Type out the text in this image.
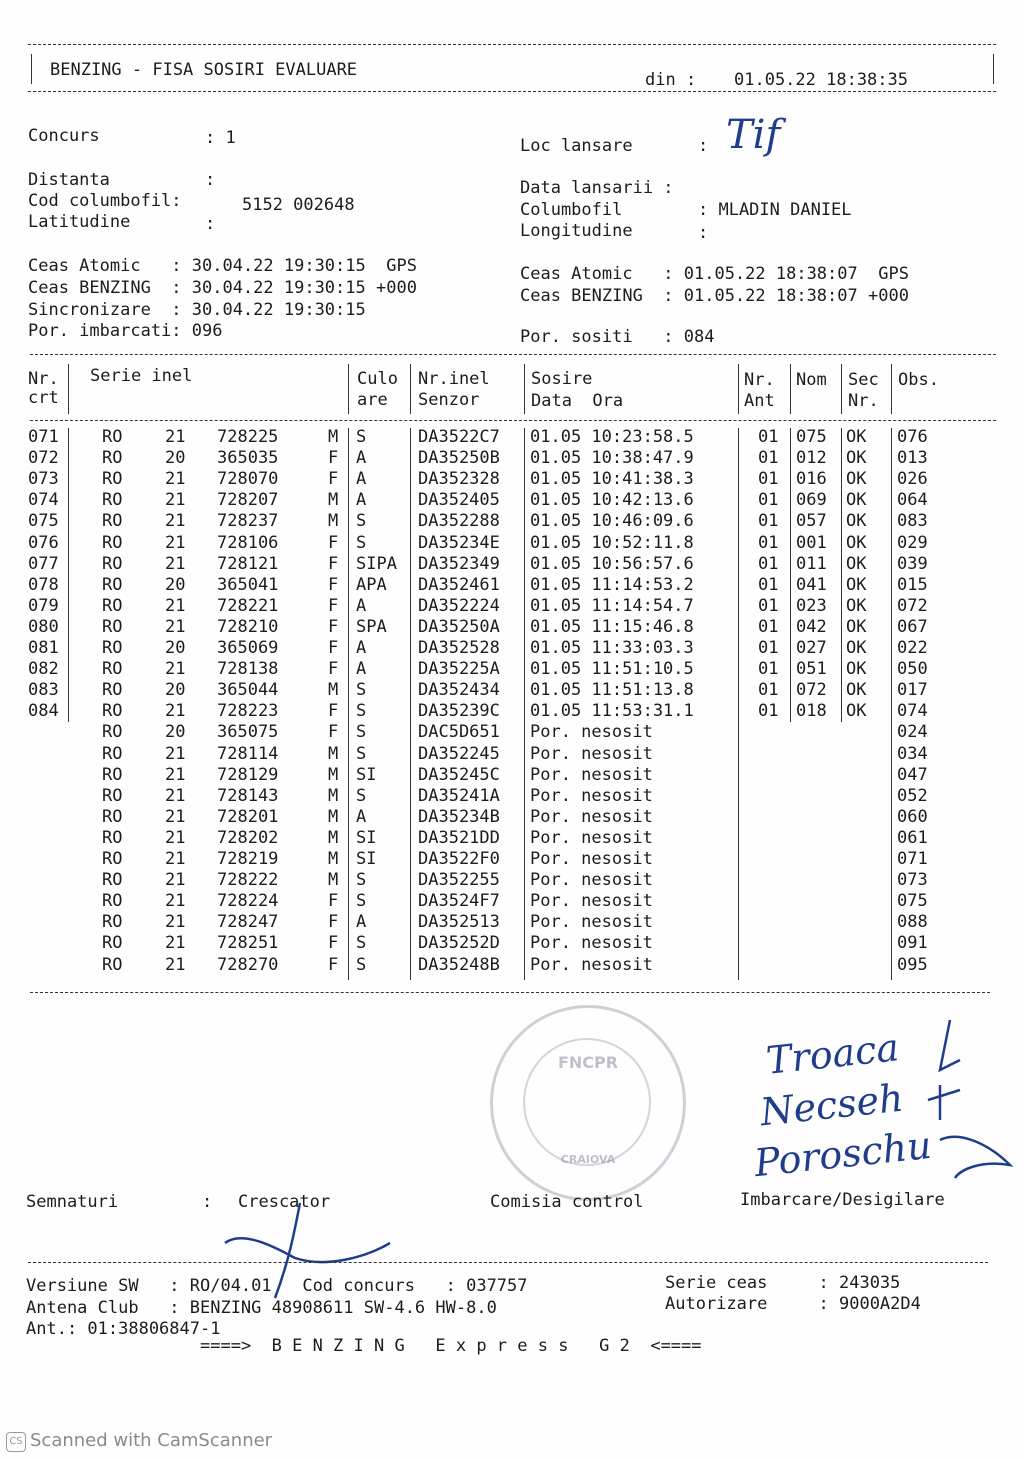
BENZING - FISA SOSIRI EVALUARE	din : 01.05.22 18:38:35
Concurs	: 1	Loc lansare	: Tif
Distanta	:
Cod columbofil:	5152 002648
Latitudine	:
Data lansarii :
Columbofil	: MLADIN DANIEL
Longitudine	:
Ceas Atomic   : 30.04.22 19:30:15  GPS
Ceas BENZING  : 30.04.22 19:30:15 +000
Sincronizare  : 30.04.22 19:30:15
Por. imbarcati: 096
Ceas Atomic   : 01.05.22 18:38:07  GPS
Ceas BENZING  : 01.05.22 18:38:07 +000
Por. sositi   : 084
Nr.
crt
Serie inel	Culo
are
Nr.inel
Senzor
Sosire
Data  Ora
Nr.
Ant
Nom Sec
Nr.
Obs.
071	RO	21 728225	M S	DA3522C7 01.05 10:23:58.5	01 075 OK 076
072	RO	20 365035	F A	DA35250B 01.05 10:38:47.9	01 012 OK 013
073	RO	21 728070	F A	DA352328 01.05 10:41:38.3	01 016 OK 026
074	RO	21 728207	M A	DA352405 01.05 10:42:13.6	01 069 OK 064
075	RO	21 728237	M S	DA352288 01.05 10:46:09.6	01 057 OK 083
076	RO	21 728106	F S	DA35234E 01.05 10:52:11.8	01 001 OK 029
077	RO	21 728121	F SIPA DA352349 01.05 10:56:57.6	01 011 OK 039
078	RO	20 365041	F APA DA352461 01.05 11:14:53.2	01 041 OK 015
079	RO	21 728221	F A	DA352224 01.05 11:14:54.7	01 023 OK 072
080	RO	21 728210	F SPA DA35250A 01.05 11:15:46.8	01 042 OK 067
081	RO	20 365069	F A	DA352528 01.05 11:33:03.3	01 027 OK 022
082	RO	21 728138	F A	DA35225A 01.05 11:51:10.5	01 051 OK 050
083	RO	20 365044	M S	DA352434 01.05 11:51:13.8	01 072 OK 017
084	RO	21 728223	F S	DA35239C 01.05 11:53:31.1	01 018 OK 074
RO	20 365075	F S	DAC5D651 Por. nesosit	024
RO	21 728114	M S	DA352245 Por. nesosit	034
RO	21 728129	M SI DA35245C Por. nesosit	047
RO	21 728143	M S	DA35241A Por. nesosit	052
RO	21 728201	M A	DA35234B Por. nesosit	060
RO	21 728202	M SI DA3521DD Por. nesosit	061
RO	21 728219	M SI DA3522F0 Por. nesosit	071
RO	21 728222	M S	DA352255 Por. nesosit	073
RO	21 728224	F S	DA3524F7 Por. nesosit	075
RO	21 728247	F A	DA352513 Por. nesosit	088
RO	21 728251	F S	DA35252D Por. nesosit	091
RO	21 728270	F S	DA35248B Por. nesosit	095
FNCPR
CRAIOVA
Troaca
Necseh
Poroschu
Semnaturi	: Crescator	Comisia control	Imbarcare/Desigilare
Versiune SW   : RO/04.01   Cod concurs   : 037757
Antena Club   : BENZING 48908611 SW-4.6 HW-8.0
Ant.: 01:38806847-1
Serie ceas     : 243035
Autorizare     : 9000A2D4
====>  B E N Z I N G   E x p r e s s   G 2  <====
CS Scanned with CamScanner
